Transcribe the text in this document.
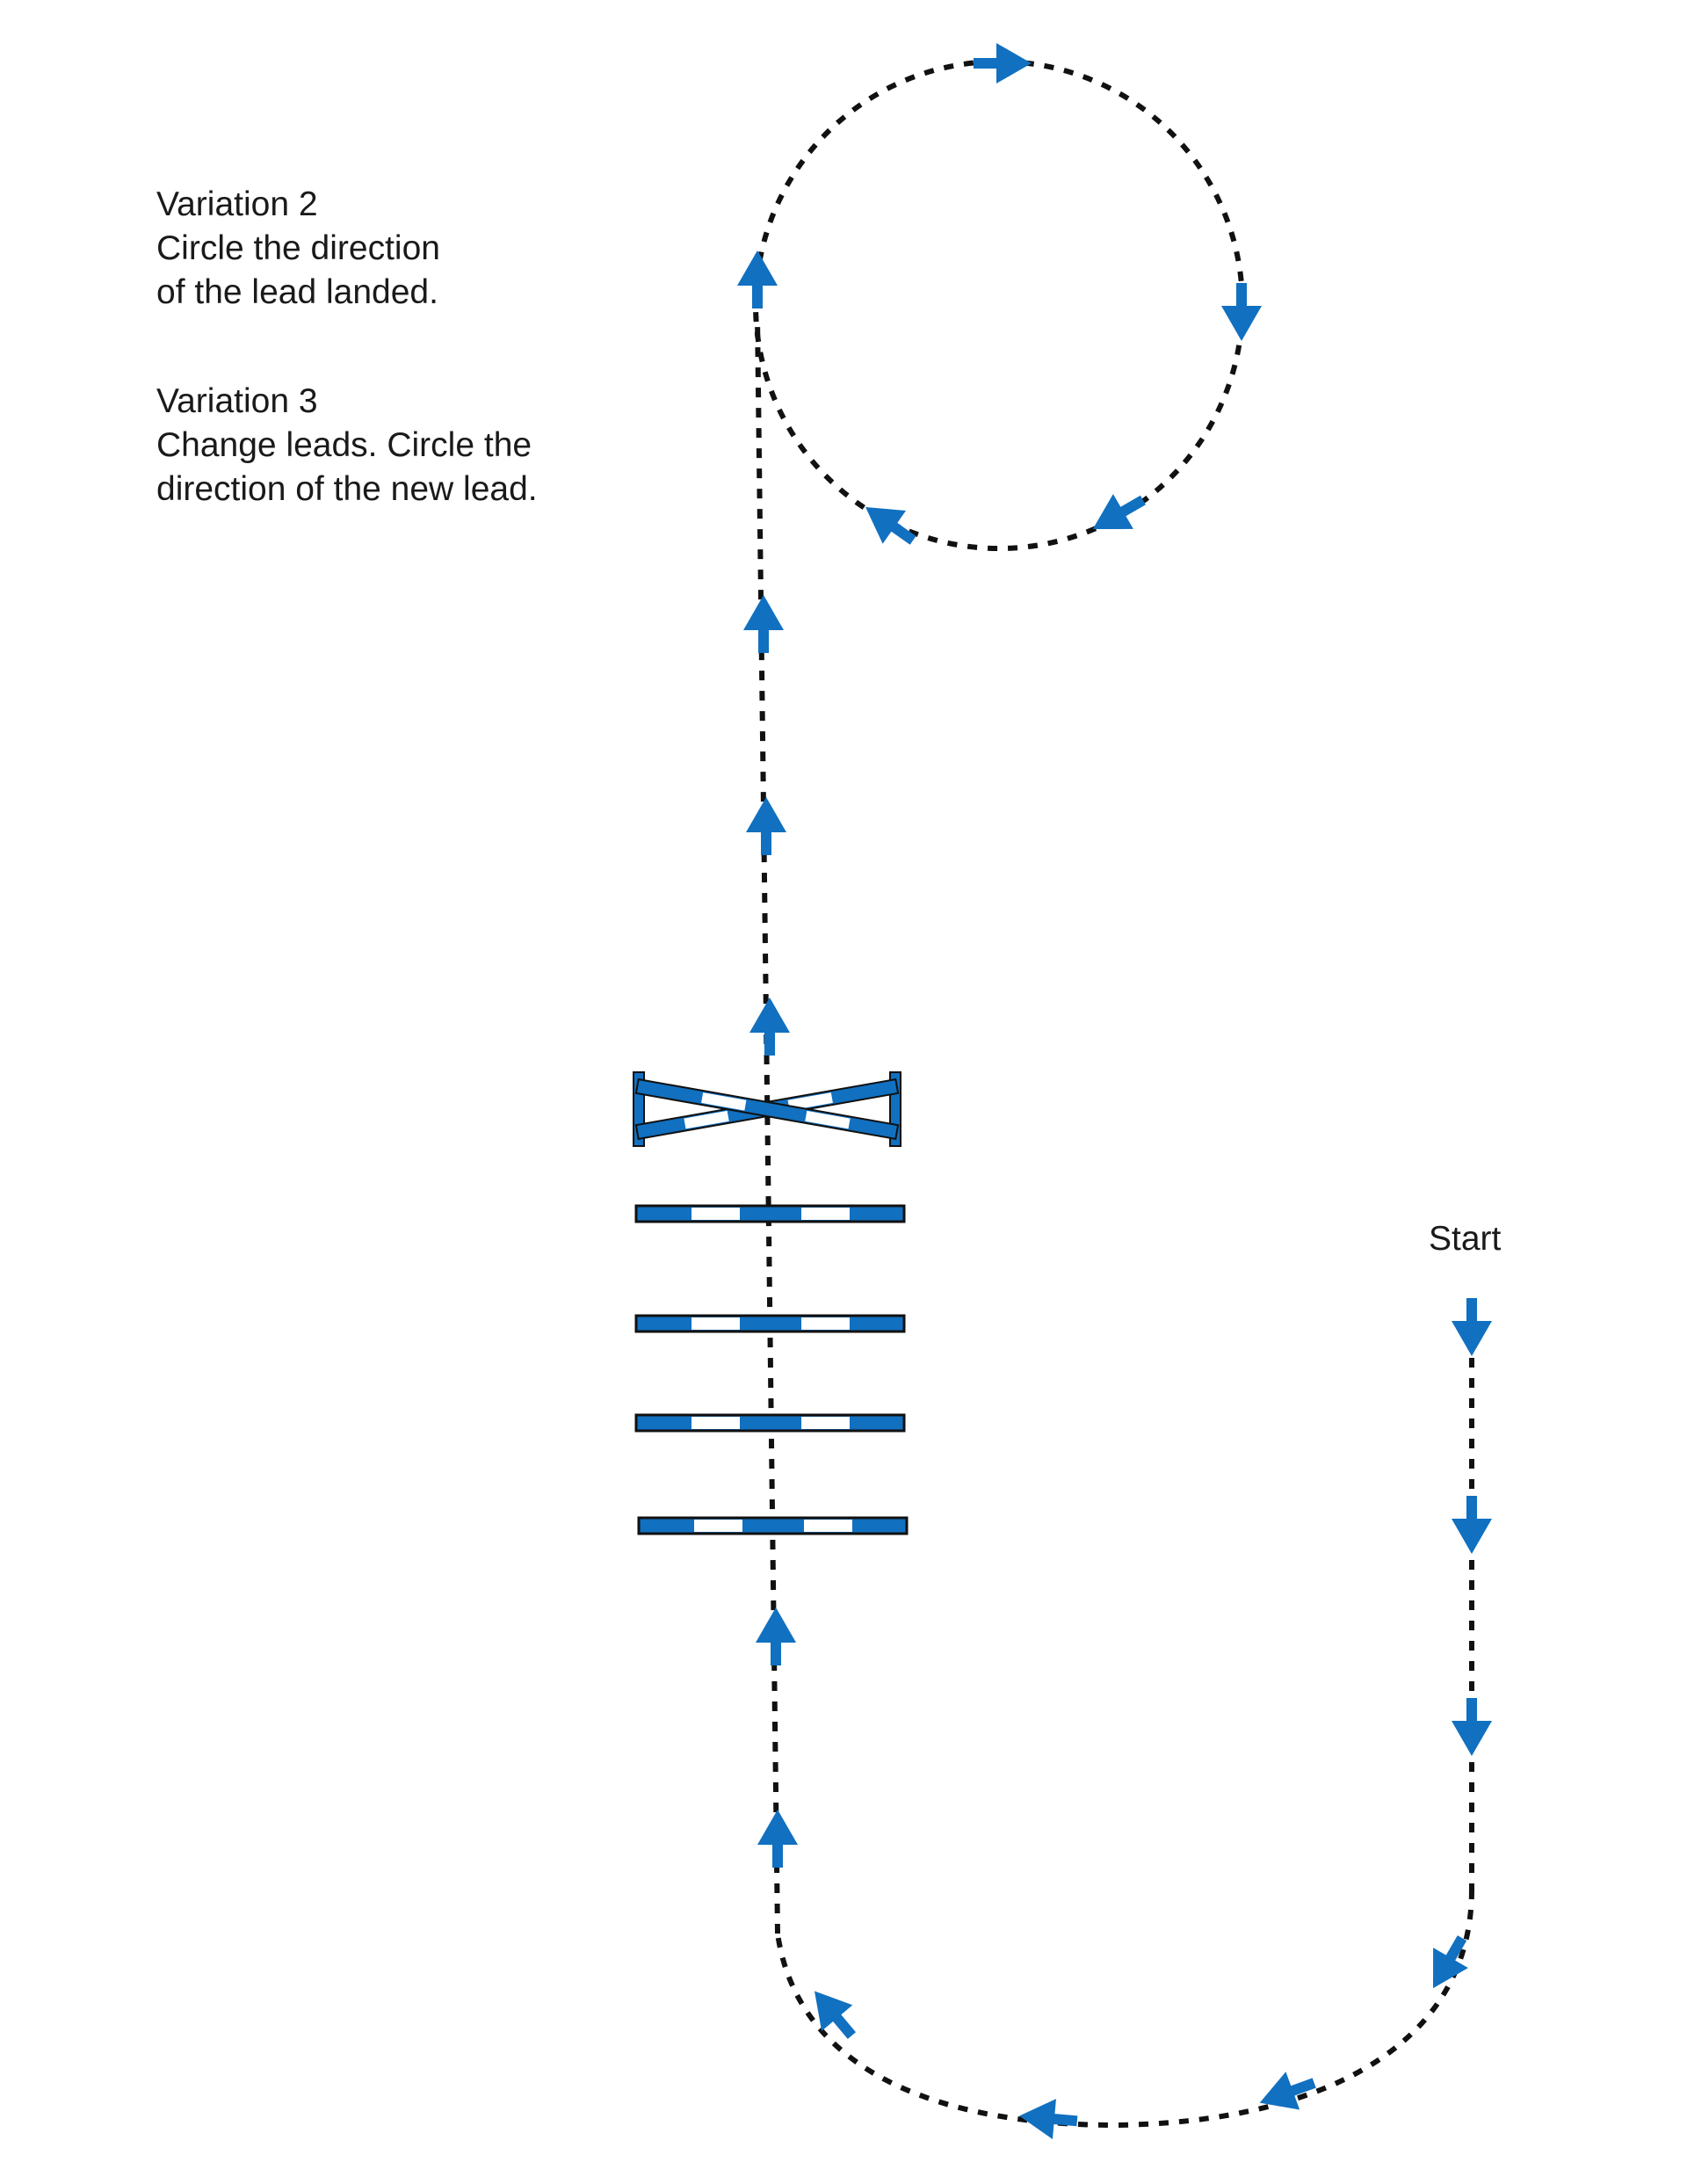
Variation 2

Circle the direction

of the lead landed.

Variation 3

Change leads. Circle the

direction of the new lead.

Start
